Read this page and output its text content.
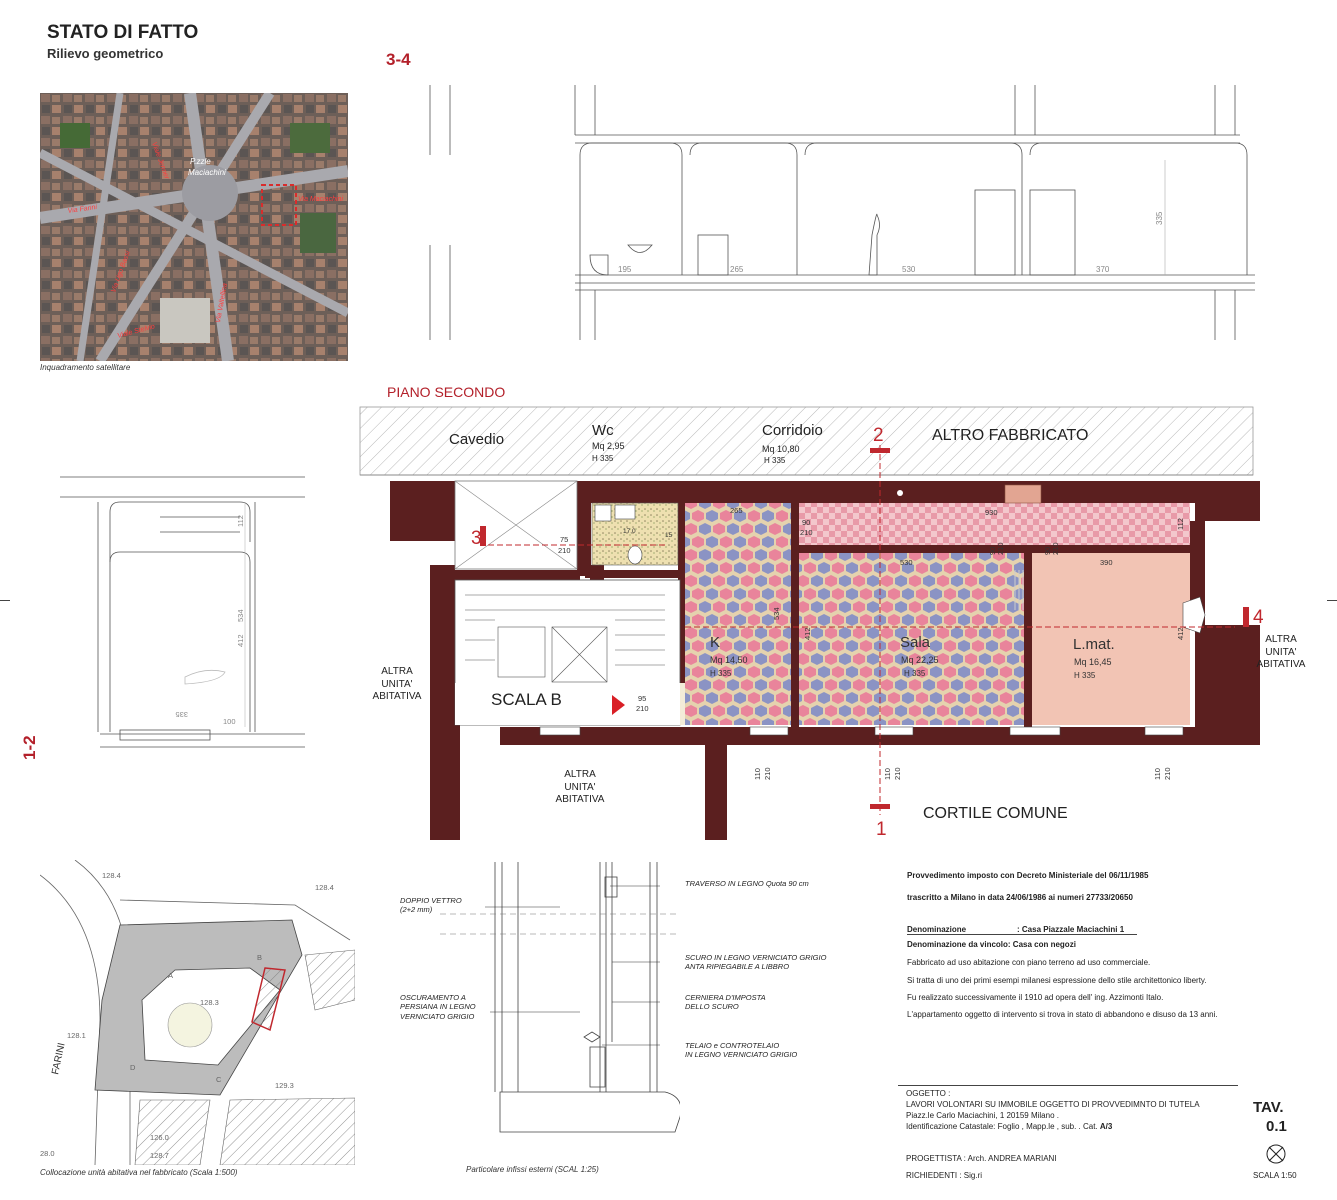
STATO DI FATTO
Rilievo geometrico
Viale Jenner
Via Farini
Viale Stelvio
Via Ugo Bassi
Via Valtellina
Via Maciachini
P.zzle
Maciachini
Inquadramento satellitare
3-4
195	265	530	370
335
PIANO SECONDO
ALTRO FABBRICATO
CORTILE COMUNE
Cavedio
Wc
Mq 2,95
H 335
Corridoio
Mq 10,80
H 335
K
Mq 14,50
H 335
Sala
Mq 22,25
H 335
L.mat.
Mq 16,45
H 335
SCALA B
2
1
3
4
265	930
530	390
534
412	412
112
75
210
90
210
95
210
17,0
15
110 210	110 210	110 210
90 210	90 210
ALTRA
UNITA'
ABITATIVA
ALTRA
UNITA'
ABITATIVA
ALTRA
UNITA'
ABITATIVA
534
412
112
335
100
1-2
128.4
128.4
128.3
128.1
129.3
126.0
128.7
28.0
A
B
C
D
FARINI
Collocazione unità abitativa nel fabbricato (Scala 1:500)
DOPPIO VETTRO
(2+2 mm)
OSCURAMENTO A
PERSIANA IN LEGNO
VERNICIATO GRIGIO
TRAVERSO IN LEGNO Quota 90 cm
SCURO IN LEGNO VERNICIATO GRIGIO
ANTA RIPIEGABILE A LIBBRO
CERNIERA D'IMPOSTA
DELLO SCURO
TELAIO e CONTROTELAIO
IN LEGNO VERNICIATO GRIGIO
Particolare infissi esterni (SCAL 1:25)
Provvedimento imposto con Decreto Ministeriale del 06/11/1985
trascritto a Milano in data 24/06/1986 ai numeri 27733/20650
Denominazione	: Casa Piazzale Maciachini 1
Denominazione da vincolo: Casa con negozi
Fabbricato ad uso abitazione con piano terreno ad uso commerciale.
Si tratta di uno dei primi esempi milanesi espressione dello stile architettonico liberty.
Fu realizzato successivamente il 1910 ad opera dell' ing. Azzimonti Italo.
L'appartamento oggetto di intervento si trova in stato di abbandono e disuso da 13 anni.
OGGETTO :
LAVORI VOLONTARI SU IMMOBILE OGGETTO DI PROVVEDIMNTO DI TUTELA
Piazz.le Carlo Maciachini, 1 20159 Milano .
Identificazione Catastale: Foglio , Mapp.le , sub. . Cat. A/3
PROGETTISTA : Arch. ANDREA MARIANI
RICHIEDENTI : Sig.ri
TAV.
0.1
SCALA 1:50
